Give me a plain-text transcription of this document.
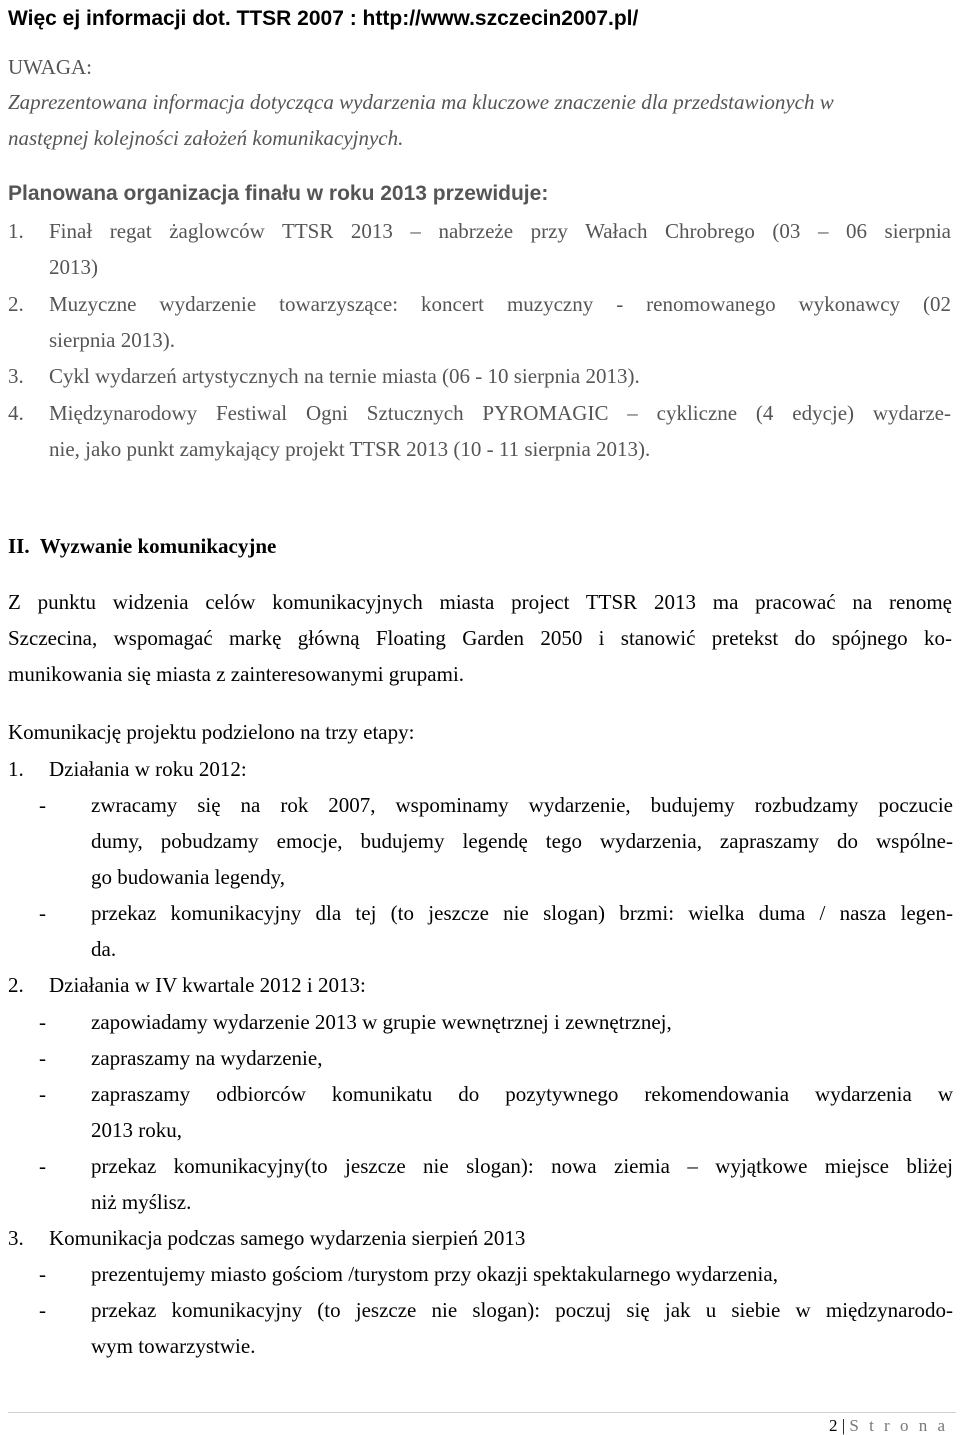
Więc ej informacji dot. TTSR 2007 : http://www.szczecin2007.pl/
UWAGA:
Zaprezentowana informacja dotycząca wydarzenia ma kluczowe znaczenie dla przedstawionych w
następnej kolejności założeń komunikacyjnych.
Planowana organizacja finału w roku 2013 przewiduje:
1. Finał regat żaglowców TTSR 2013 – nabrzeże przy Wałach Chrobrego (03 – 06 sierpnia
2013)
2. Muzyczne wydarzenie towarzyszące: koncert muzyczny - renomowanego wykonawcy (02
sierpnia 2013).
3. Cykl wydarzeń artystycznych na ternie miasta (06 - 10 sierpnia 2013).
4. Międzynarodowy Festiwal Ogni Sztucznych PYROMAGIC – cykliczne (4 edycje) wydarze-
nie, jako punkt zamykający projekt TTSR 2013 (10 - 11 sierpnia 2013).
II.  Wyzwanie komunikacyjne
Z punktu widzenia celów komunikacyjnych miasta project TTSR 2013 ma pracować na renomę
Szczecina, wspomagać markę główną Floating Garden 2050 i stanowić pretekst do spójnego ko-
munikowania się miasta z zainteresowanymi grupami.
Komunikację projektu podzielono na trzy etapy:
1. Działania w roku 2012:
- zwracamy się na rok 2007, wspominamy wydarzenie, budujemy rozbudzamy poczucie
dumy, pobudzamy emocje, budujemy legendę tego wydarzenia, zapraszamy do wspólne-
go budowania legendy,
- przekaz komunikacyjny dla tej (to jeszcze nie slogan) brzmi: wielka duma / nasza legen-
da.
2. Działania w IV kwartale 2012 i 2013:
- zapowiadamy wydarzenie 2013 w grupie wewnętrznej i zewnętrznej,
- zapraszamy na wydarzenie,
- zapraszamy odbiorców komunikatu do pozytywnego rekomendowania wydarzenia w
2013 roku,
- przekaz komunikacyjny(to jeszcze nie slogan): nowa ziemia – wyjątkowe miejsce bliżej
niż myślisz.
3. Komunikacja podczas samego wydarzenia sierpień 2013
- prezentujemy miasto gościom /turystom przy okazji spektakularnego wydarzenia,
- przekaz komunikacyjny (to jeszcze nie slogan): poczuj się jak u siebie w międzynarodo-
wym towarzystwie.
2 | S t r o n a
